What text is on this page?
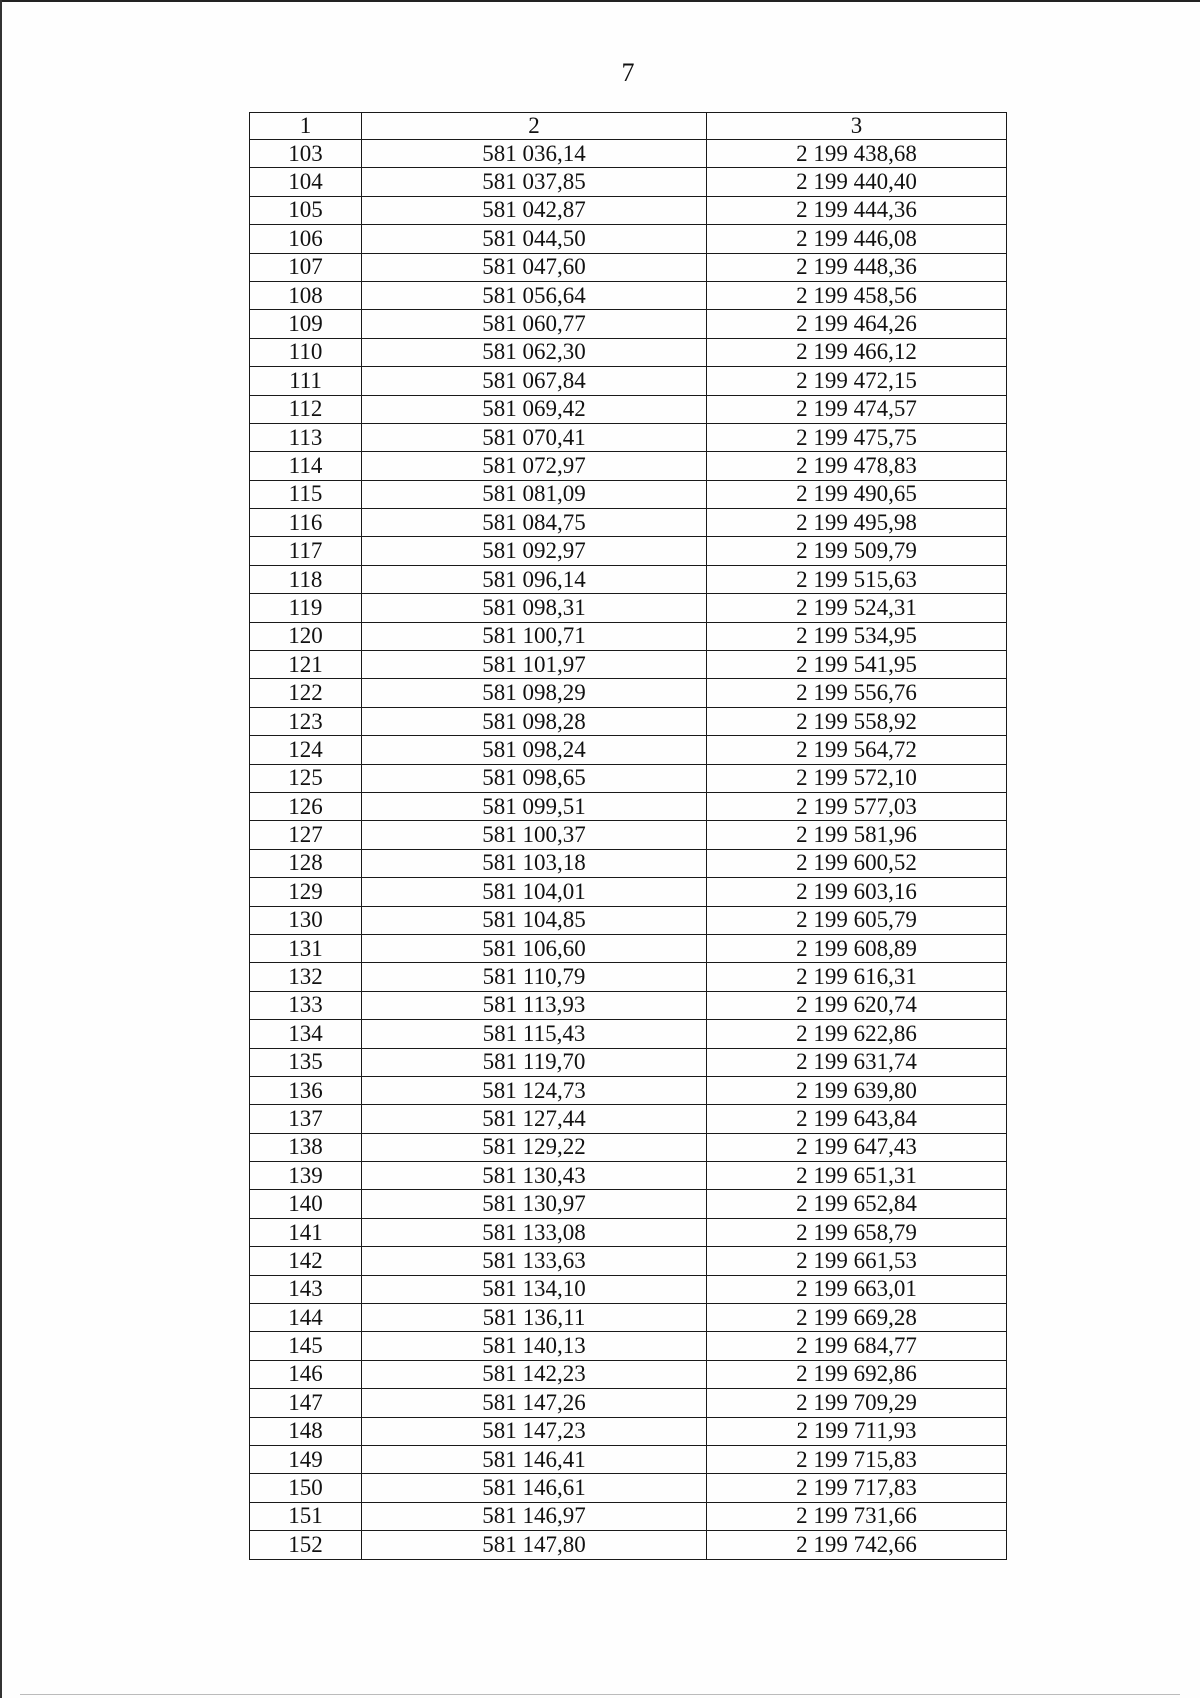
7
1	2	3
103	581 036,14	2 199 438,68
104	581 037,85	2 199 440,40
105	581 042,87	2 199 444,36
106	581 044,50	2 199 446,08
107	581 047,60	2 199 448,36
108	581 056,64	2 199 458,56
109	581 060,77	2 199 464,26
110	581 062,30	2 199 466,12
111	581 067,84	2 199 472,15
112	581 069,42	2 199 474,57
113	581 070,41	2 199 475,75
114	581 072,97	2 199 478,83
115	581 081,09	2 199 490,65
116	581 084,75	2 199 495,98
117	581 092,97	2 199 509,79
118	581 096,14	2 199 515,63
119	581 098,31	2 199 524,31
120	581 100,71	2 199 534,95
121	581 101,97	2 199 541,95
122	581 098,29	2 199 556,76
123	581 098,28	2 199 558,92
124	581 098,24	2 199 564,72
125	581 098,65	2 199 572,10
126	581 099,51	2 199 577,03
127	581 100,37	2 199 581,96
128	581 103,18	2 199 600,52
129	581 104,01	2 199 603,16
130	581 104,85	2 199 605,79
131	581 106,60	2 199 608,89
132	581 110,79	2 199 616,31
133	581 113,93	2 199 620,74
134	581 115,43	2 199 622,86
135	581 119,70	2 199 631,74
136	581 124,73	2 199 639,80
137	581 127,44	2 199 643,84
138	581 129,22	2 199 647,43
139	581 130,43	2 199 651,31
140	581 130,97	2 199 652,84
141	581 133,08	2 199 658,79
142	581 133,63	2 199 661,53
143	581 134,10	2 199 663,01
144	581 136,11	2 199 669,28
145	581 140,13	2 199 684,77
146	581 142,23	2 199 692,86
147	581 147,26	2 199 709,29
148	581 147,23	2 199 711,93
149	581 146,41	2 199 715,83
150	581 146,61	2 199 717,83
151	581 146,97	2 199 731,66
152	581 147,80	2 199 742,66
